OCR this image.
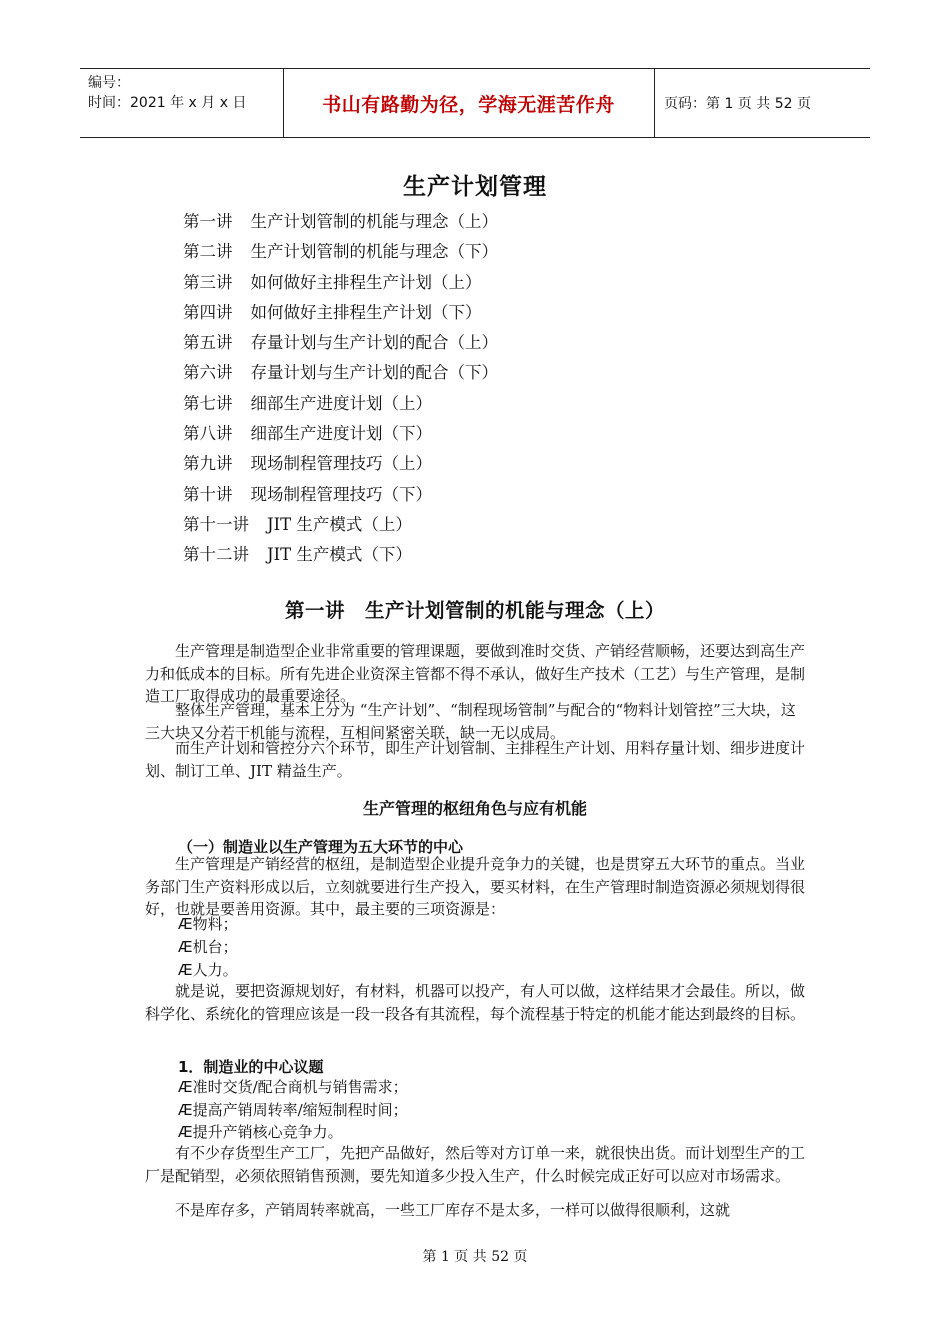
编号：
时间：2021 年 x 月 x 日	书山有路勤为径，学海无涯苦作舟	页码：第 1 页 共 52 页
生产计划管理
第一讲 生产计划管制的机能与理念（上）
第二讲 生产计划管制的机能与理念（下）
第三讲 如何做好主排程生产计划（上）
第四讲 如何做好主排程生产计划（下）
第五讲 存量计划与生产计划的配合（上）
第六讲 存量计划与生产计划的配合（下）
第七讲 细部生产进度计划（上）
第八讲 细部生产进度计划（下）
第九讲 现场制程管理技巧（上）
第十讲 现场制程管理技巧（下）
第十一讲 JIT 生产模式（上）
第十二讲 JIT 生产模式（下）
第一讲　生产计划管制的机能与理念（上）

生产管理是制造型企业非常重要的管理课题，要做到准时交货、产销经营顺畅，还要达到高生产力和低成本的目标。所有先进企业资深主管都不得不承认，做好生产技术（工艺）与生产管理，是制造工厂取得成功的最重要途径。

整体生产管理，基本上分为 “生产计划”、“制程现场管制”与配合的“物料计划管控”三大块，这三大块又分若干机能与流程，互相间紧密关联，缺一无以成局。

而生产计划和管控分六个环节，即生产计划管制、主排程生产计划、用料存量计划、细步进度计划、制订工单、JIT 精益生产。

生产管理的枢纽角色与应有机能
（一）制造业以生产管理为五大环节的中心

生产管理是产销经营的枢纽，是制造型企业提升竞争力的关键，也是贯穿五大环节的重点。当业务部门生产资料形成以后，立刻就要进行生产投入，要买材料，在生产管理时制造资源必须规划得很好，也就是要善用资源。其中，最主要的三项资源是：

Æ物料；
Æ机台；
Æ人力。

就是说，要把资源规划好，有材料，机器可以投产，有人可以做，这样结果才会最佳。所以，做科学化、系统化的管理应该是一段一段各有其流程，每个流程基于特定的机能才能达到最终的目标。

1．制造业的中心议题
Æ准时交货/配合商机与销售需求；
Æ提高产销周转率/缩短制程时间；
Æ提升产销核心竞争力。

有不少存货型生产工厂，先把产品做好，然后等对方订单一来，就很快出货。而计划型生产的工厂是配销型，必须依照销售预测，要先知道多少投入生产，什么时候完成正好可以应对市场需求。

不是库存多，产销周转率就高，一些工厂库存不是太多，一样可以做得很顺利，这就

第 1 页 共 52 页
